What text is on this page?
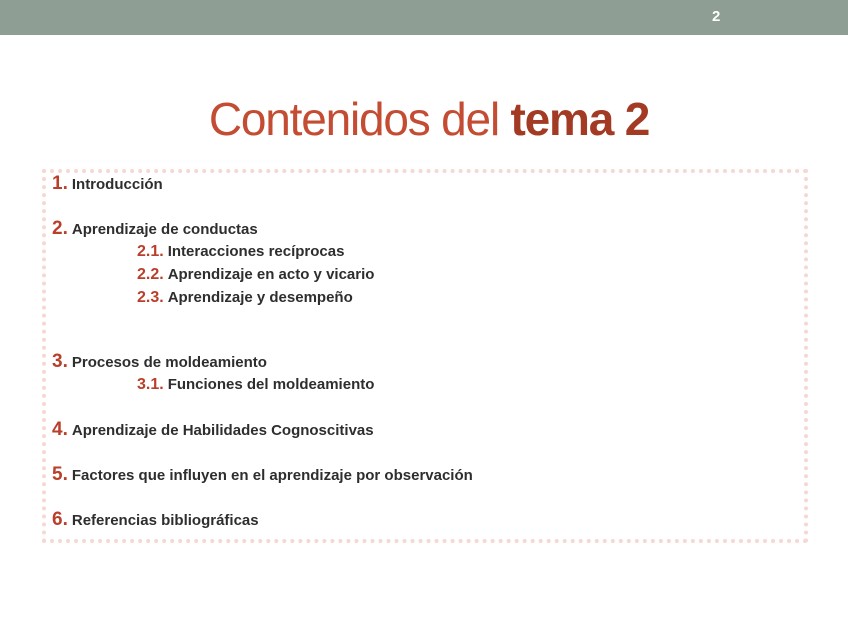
2
Contenidos del tema 2
1. Introducción
2. Aprendizaje de conductas
2.1. Interacciones recíprocas
2.2. Aprendizaje en acto y vicario
2.3. Aprendizaje y desempeño
3. Procesos de moldeamiento
3.1. Funciones del moldeamiento
4. Aprendizaje de Habilidades Cognoscitivas
5. Factores que influyen en el aprendizaje por observación
6. Referencias bibliográficas
